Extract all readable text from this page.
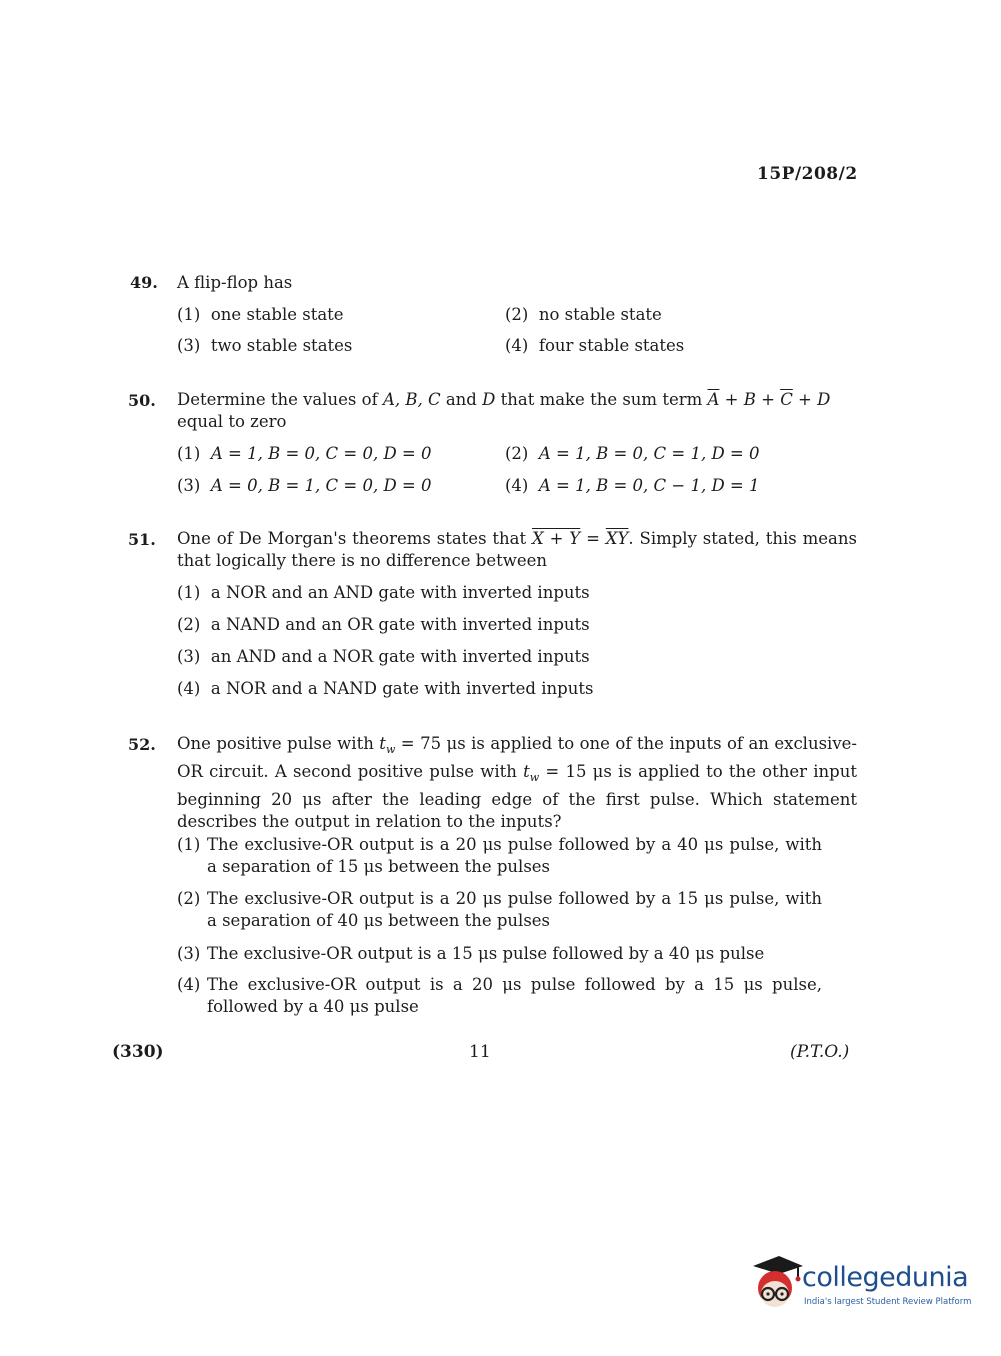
15P/208/2
49. A flip-flop has
(1) one stable state	(2) no stable state
(3) two stable states	(4) four stable states
50. Determine the values of A, B, C and D that make the sum term $\overline{A} + B + \overline{C} + D$
equal to zero
(1) A = 1, B = 0, C = 0, D = 0	(2) A = 1, B = 0, C = 1, D = 0
(3) A = 0, B = 1, C = 0, D = 0	(4) A = 1, B = 0, C − 1, D = 1
51. One of De Morgan's theorems states that $X + Y = \overline{XY}$. Simply stated, this means that logically there is no difference between
(1) a NOR and an AND gate with inverted inputs
(2) a NAND and an OR gate with inverted inputs
(3) an AND and a NOR gate with inverted inputs
(4) a NOR and a NAND gate with inverted inputs
52. One positive pulse with $t_w = 75$ μs is applied to one of the inputs of an exclusive-OR circuit. A second positive pulse with $t_w = 15$ μs is applied to the other input beginning 20 μs after the leading edge of the first pulse. Which statement describes the output in relation to the inputs?
(1) The exclusive-OR output is a 20 μs pulse followed by a 40 μs pulse, with a separation of 15 μs between the pulses
(2) The exclusive-OR output is a 20 μs pulse followed by a 15 μs pulse, with a separation of 40 μs between the pulses
(3) The exclusive-OR output is a 15 μs pulse followed by a 40 μs pulse
(4) The exclusive-OR output is a 20 μs pulse followed by a 15 μs pulse, followed by a 40 μs pulse
(330)	11	(P.T.O.)
collegedunia
India's largest Student Review Platform
